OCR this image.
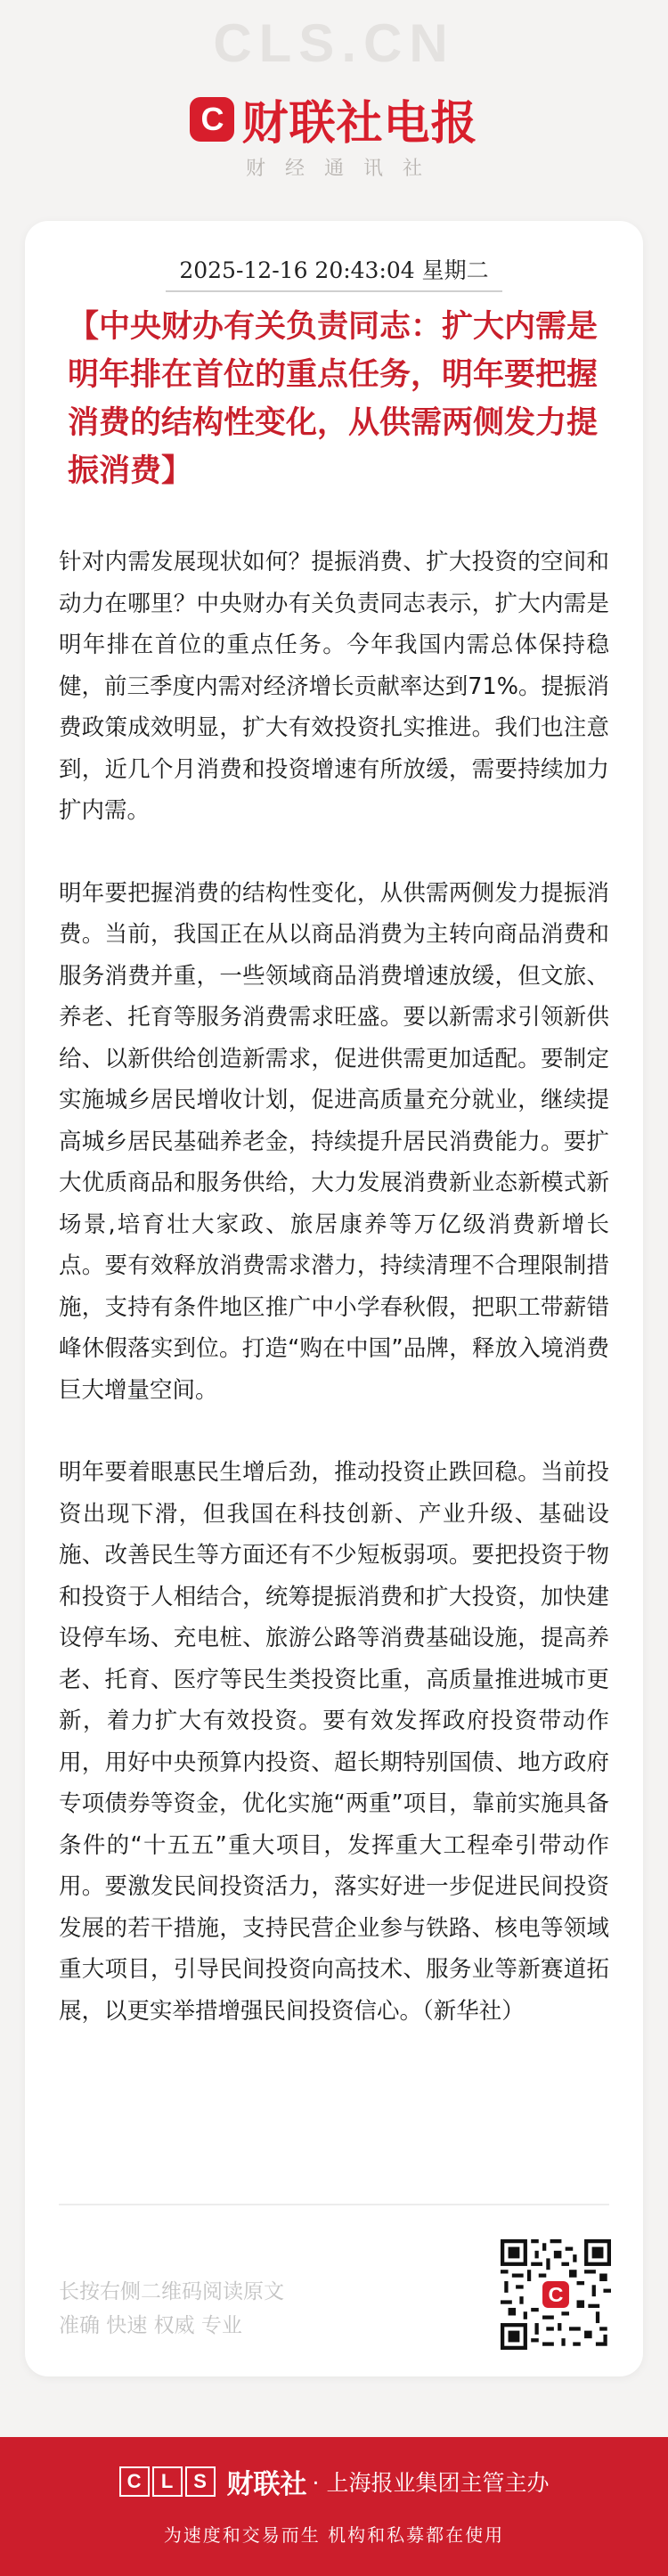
CLS.CN
C 财联社电报
财经通讯社
2025-12-16 20:43:04 星期二
【中央财办有关负责同志：扩大内需是明年排在首位的重点任务，明年要把握消费的结构性变化，从供需两侧发力提振消费】

针对内需发展现状如何？提振消费、扩大投资的空间和动力在哪里？中央财办有关负责同志表示，扩大内需是明年排在首位的重点任务。今年我国内需总体保持稳健，前三季度内需对经济增长贡献率达到71%。提振消费政策成效明显，扩大有效投资扎实推进。我们也注意到，近几个月消费和投资增速有所放缓，需要持续加力扩内需。

明年要把握消费的结构性变化，从供需两侧发力提振消费。当前，我国正在从以商品消费为主转向商品消费和服务消费并重，一些领域商品消费增速放缓，但文旅、养老、托育等服务消费需求旺盛。要以新需求引领新供给、以新供给创造新需求，促进供需更加适配。要制定实施城乡居民增收计划，促进高质量充分就业，继续提高城乡居民基础养老金，持续提升居民消费能力。要扩大优质商品和服务供给，大力发展消费新业态新模式新场景,培育壮大家政、旅居康养等万亿级消费新增长点。要有效释放消费需求潜力，持续清理不合理限制措施，支持有条件地区推广中小学春秋假，把职工带薪错峰休假落实到位。打造“购在中国”品牌，释放入境消费巨大增量空间。

明年要着眼惠民生增后劲，推动投资止跌回稳。当前投资出现下滑，但我国在科技创新、产业升级、基础设施、改善民生等方面还有不少短板弱项。要把投资于物和投资于人相结合，统筹提振消费和扩大投资，加快建设停车场、充电桩、旅游公路等消费基础设施，提高养老、托育、医疗等民生类投资比重，高质量推进城市更新，着力扩大有效投资。要有效发挥政府投资带动作用，用好中央预算内投资、超长期特别国债、地方政府专项债券等资金，优化实施“两重”项目，靠前实施具备条件的“十五五”重大项目，发挥重大工程牵引带动作用。要激发民间投资活力，落实好进一步促进民间投资发展的若干措施，支持民营企业参与铁路、核电等领域重大项目，引导民间投资向高技术、服务业等新赛道拓展，以更实举措增强民间投资信心。（新华社）

长按右侧二维码阅读原文
准确 快速 权威 专业
C
C	L	S 财联社 · 上海报业集团主管主办
为速度和交易而生 机构和私募都在使用
